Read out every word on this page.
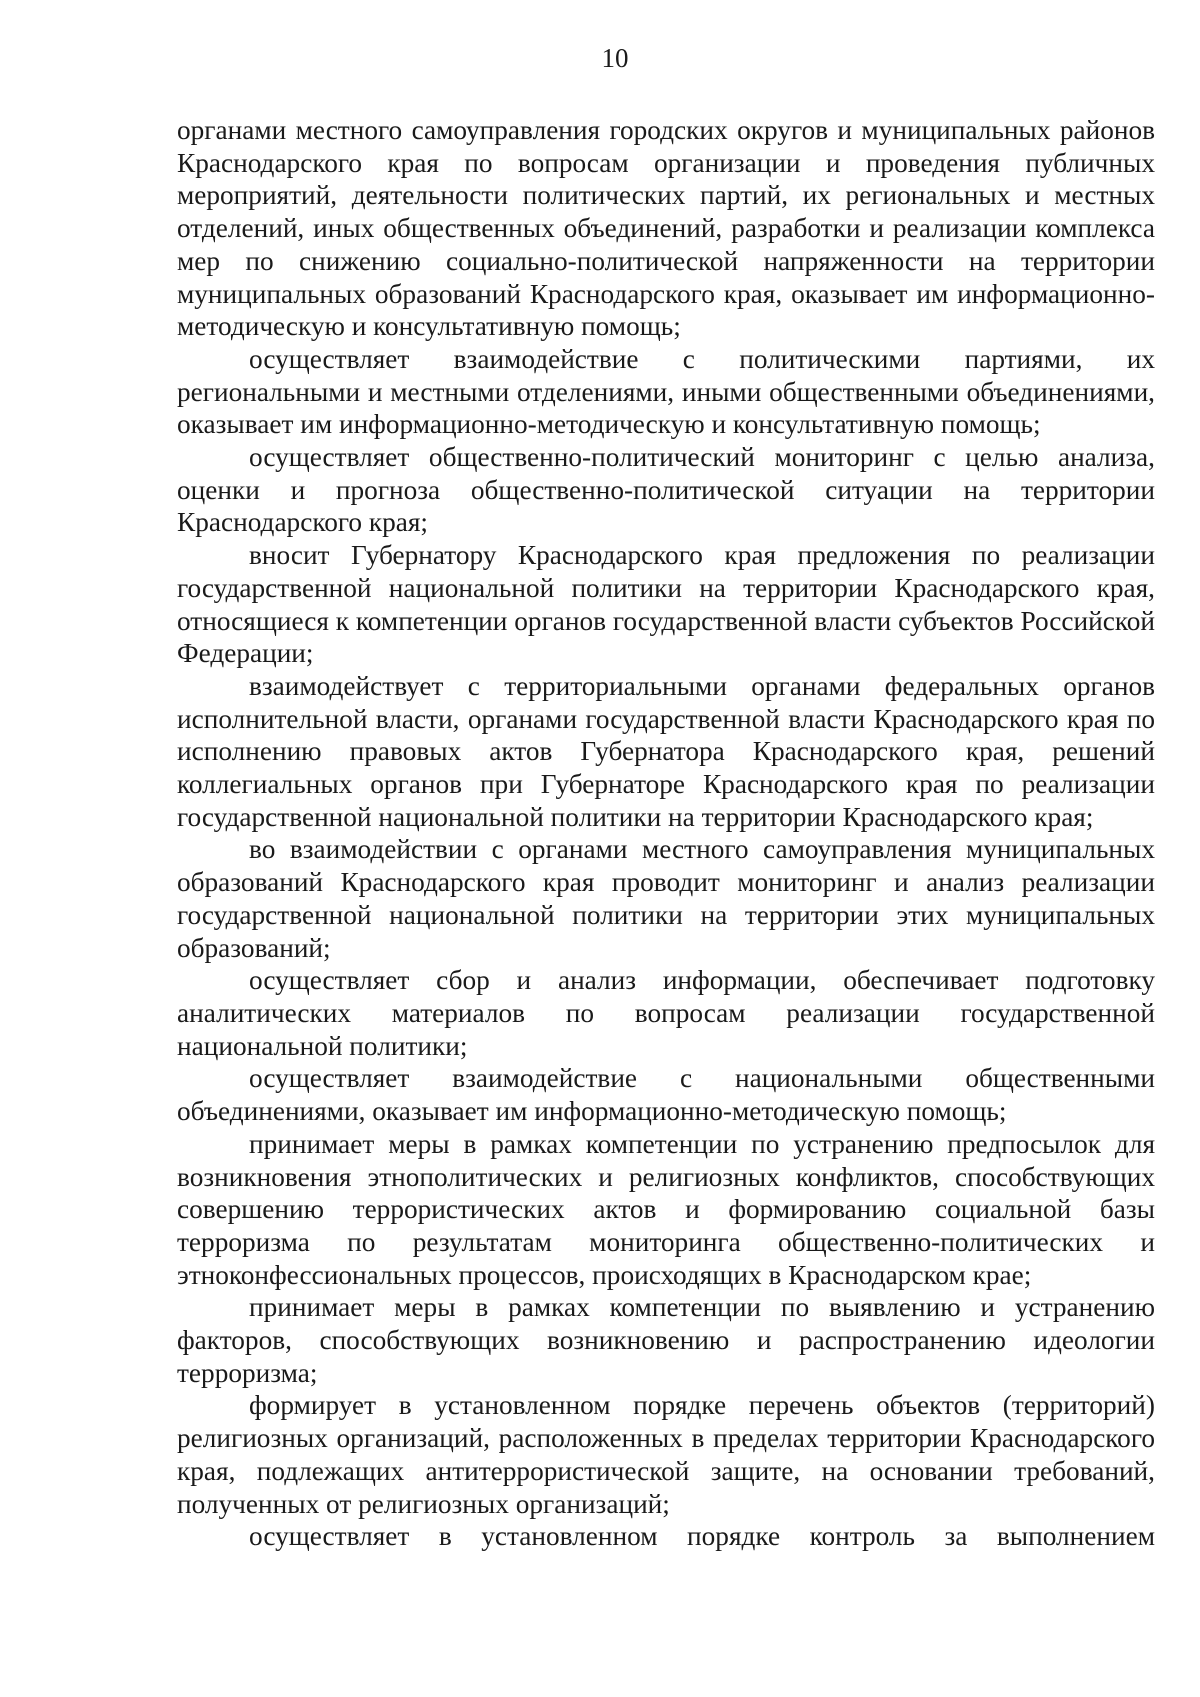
10

органами местного самоуправления городских округов и муниципальных районов Краснодарского края по вопросам организации и проведения публичных мероприятий, деятельности политических партий, их региональных и местных отделений, иных общественных объединений, разработки и реализации комплекса мер по снижению социально-политической напряженности на территории муниципальных образований Краснодарского края, оказывает им информационно-методическую и консультативную помощь;

осуществляет взаимодействие с политическими партиями, их региональными и местными отделениями, иными общественными объединениями, оказывает им информационно-методическую и консультативную помощь;

осуществляет общественно-политический мониторинг с целью анализа, оценки и прогноза общественно-политической ситуации на территории Краснодарского края;

вносит Губернатору Краснодарского края предложения по реализации государственной национальной политики на территории Краснодарского края, относящиеся к компетенции органов государственной власти субъектов Российской Федерации;

взаимодействует с территориальными органами федеральных органов исполнительной власти, органами государственной власти Краснодарского края по исполнению правовых актов Губернатора Краснодарского края, решений коллегиальных органов при Губернаторе Краснодарского края по реализации государственной национальной политики на территории Краснодарского края;

во взаимодействии с органами местного самоуправления муниципальных образований Краснодарского края проводит мониторинг и анализ реализации государственной национальной политики на территории этих муниципальных образований;

осуществляет сбор и анализ информации, обеспечивает подготовку аналитических материалов по вопросам реализации государственной национальной политики;

осуществляет взаимодействие с национальными общественными объединениями, оказывает им информационно-методическую помощь;

принимает меры в рамках компетенции по устранению предпосылок для возникновения этнополитических и религиозных конфликтов, способствующих совершению террористических актов и формированию социальной базы терроризма по результатам мониторинга общественно-политических и этноконфессиональных процессов, происходящих в Краснодарском крае;

принимает меры в рамках компетенции по выявлению и устранению факторов, способствующих возникновению и распространению идеологии терроризма;

формирует в установленном порядке перечень объектов (территорий) религиозных организаций, расположенных в пределах территории Краснодарского края, подлежащих антитеррористической защите, на основании требований, полученных от религиозных организаций;

осуществляет в установленном порядке контроль за выполнением
